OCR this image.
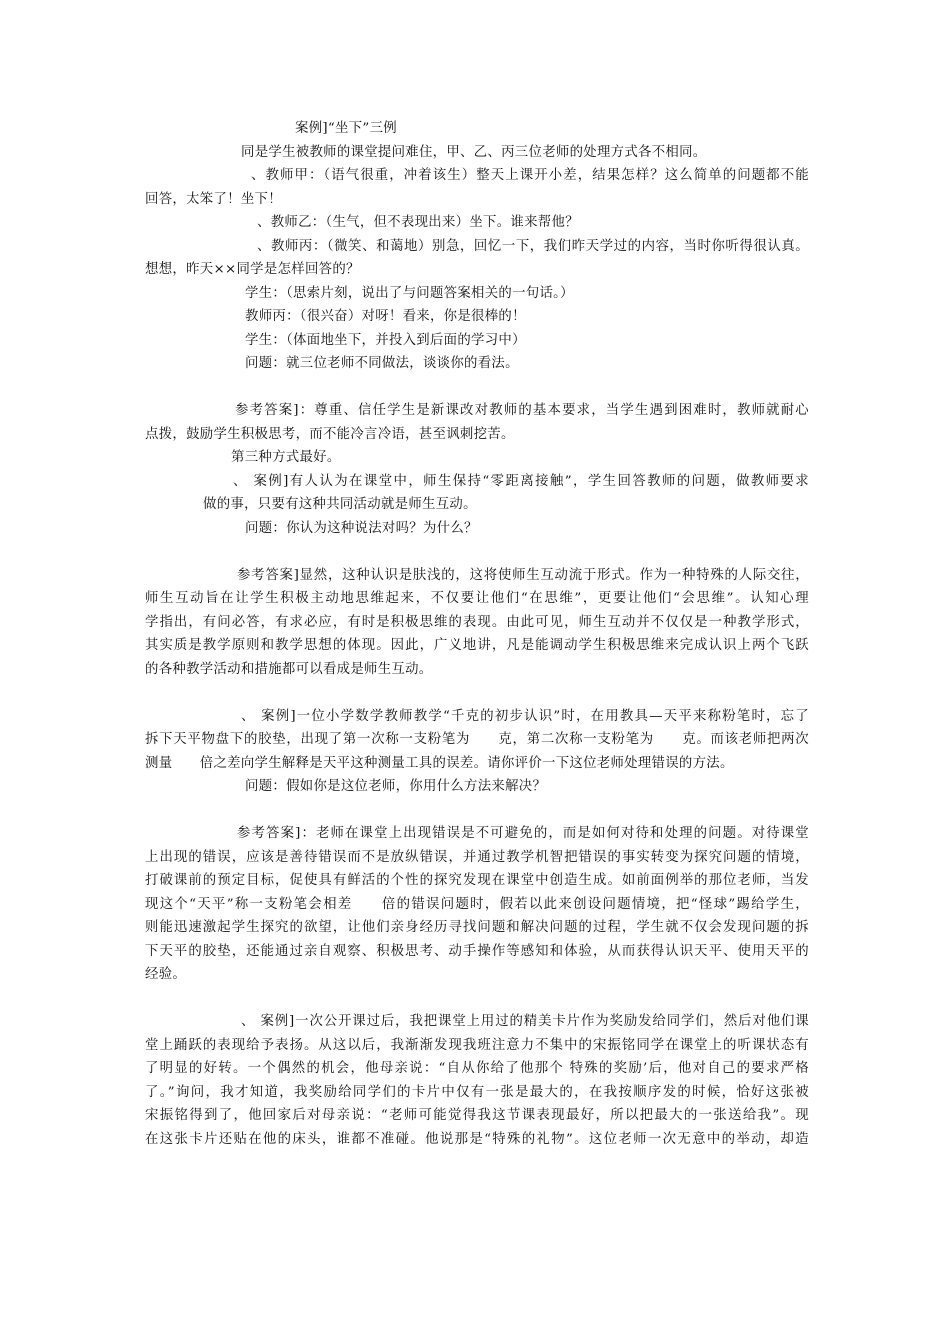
案例]“坐下”三例
同是学生被教师的课堂提问难住，甲、乙、丙三位老师的处理方式各不相同。
、教师甲：（语气很重，冲着该生）整天上课开小差，结果怎样？这么简单的问题都不能
回答，太笨了！坐下！
、教师乙：（生气，但不表现出来）坐下。谁来帮他？
、教师丙：（微笑、和蔼地）别急，回忆一下，我们昨天学过的内容，当时你听得很认真。
想想，昨天××同学是怎样回答的？
学生：（思索片刻，说出了与问题答案相关的一句话。）
教师丙：（很兴奋）对呀！看来，你是很棒的！
学生：（体面地坐下，并投入到后面的学习中）
问题：就三位老师不同做法，谈谈你的看法。
参考答案]：尊重、信任学生是新课改对教师的基本要求，当学生遇到困难时，教师就耐心
点拨，鼓励学生积极思考，而不能冷言冷语，甚至讽刺挖苦。
第三种方式最好。
、 案例]有人认为在课堂中，师生保持“零距离接触”，学生回答教师的问题，做教师要求
做的事，只要有这种共同活动就是师生互动。
问题：你认为这种说法对吗？为什么？
参考答案]显然，这种认识是肤浅的，这将使师生互动流于形式。作为一种特殊的人际交往，
师生互动旨在让学生积极主动地思维起来，不仅要让他们“在思维”，更要让他们“会思维”。认知心理
学指出，有问必答，有求必应，有时是积极思维的表现。由此可见，师生互动并不仅仅是一种教学形式，
其实质是教学原则和教学思想的体现。因此，广义地讲，凡是能调动学生积极思维来完成认识上两个飞跃
的各种教学活动和措施都可以看成是师生互动。
、 案例]一位小学数学教师教学“千克的初步认识”时，在用教具—天平来称粉笔时，忘了
拆下天平物盘下的胶垫，出现了第一次称一支粉笔为　　克，第二次称一支粉笔为　　克。而该老师把两次
测量　　倍之差向学生解释是天平这种测量工具的误差。请你评价一下这位老师处理错误的方法。
问题：假如你是这位老师，你用什么方法来解决？
参考答案]：老师在课堂上出现错误是不可避免的，而是如何对待和处理的问题。对待课堂
上出现的错误，应该是善待错误而不是放纵错误，并通过教学机智把错误的事实转变为探究问题的情境，
打破课前的预定目标，促使具有鲜活的个性的探究发现在课堂中创造生成。如前面例举的那位老师，当发
现这个“天平”称一支粉笔会相差　　倍的错误问题时，假若以此来创设问题情境，把“怪球”踢给学生，
则能迅速激起学生探究的欲望，让他们亲身经历寻找问题和解决问题的过程，学生就不仅会发现问题的拆
下天平的胶垫，还能通过亲自观察、积极思考、动手操作等感知和体验，从而获得认识天平、使用天平的
经验。
、 案例]一次公开课过后，我把课堂上用过的精美卡片作为奖励发给同学们，然后对他们课
堂上踊跃的表现给予表扬。从这以后，我渐渐发现我班注意力不集中的宋振铭同学在课堂上的听课状态有
了明显的好转。一个偶然的机会，他母亲说：“自从你给了他那个 特殊的奖励’后，他对自己的要求严格
了。”询问，我才知道，我奖励给同学们的卡片中仅有一张是最大的，在我按顺序发的时候，恰好这张被
宋振铭得到了，他回家后对母亲说：“老师可能觉得我这节课表现最好，所以把最大的一张送给我”。现
在这张卡片还贴在他的床头，谁都不准碰。他说那是“特殊的礼物”。这位老师一次无意中的举动，却造
